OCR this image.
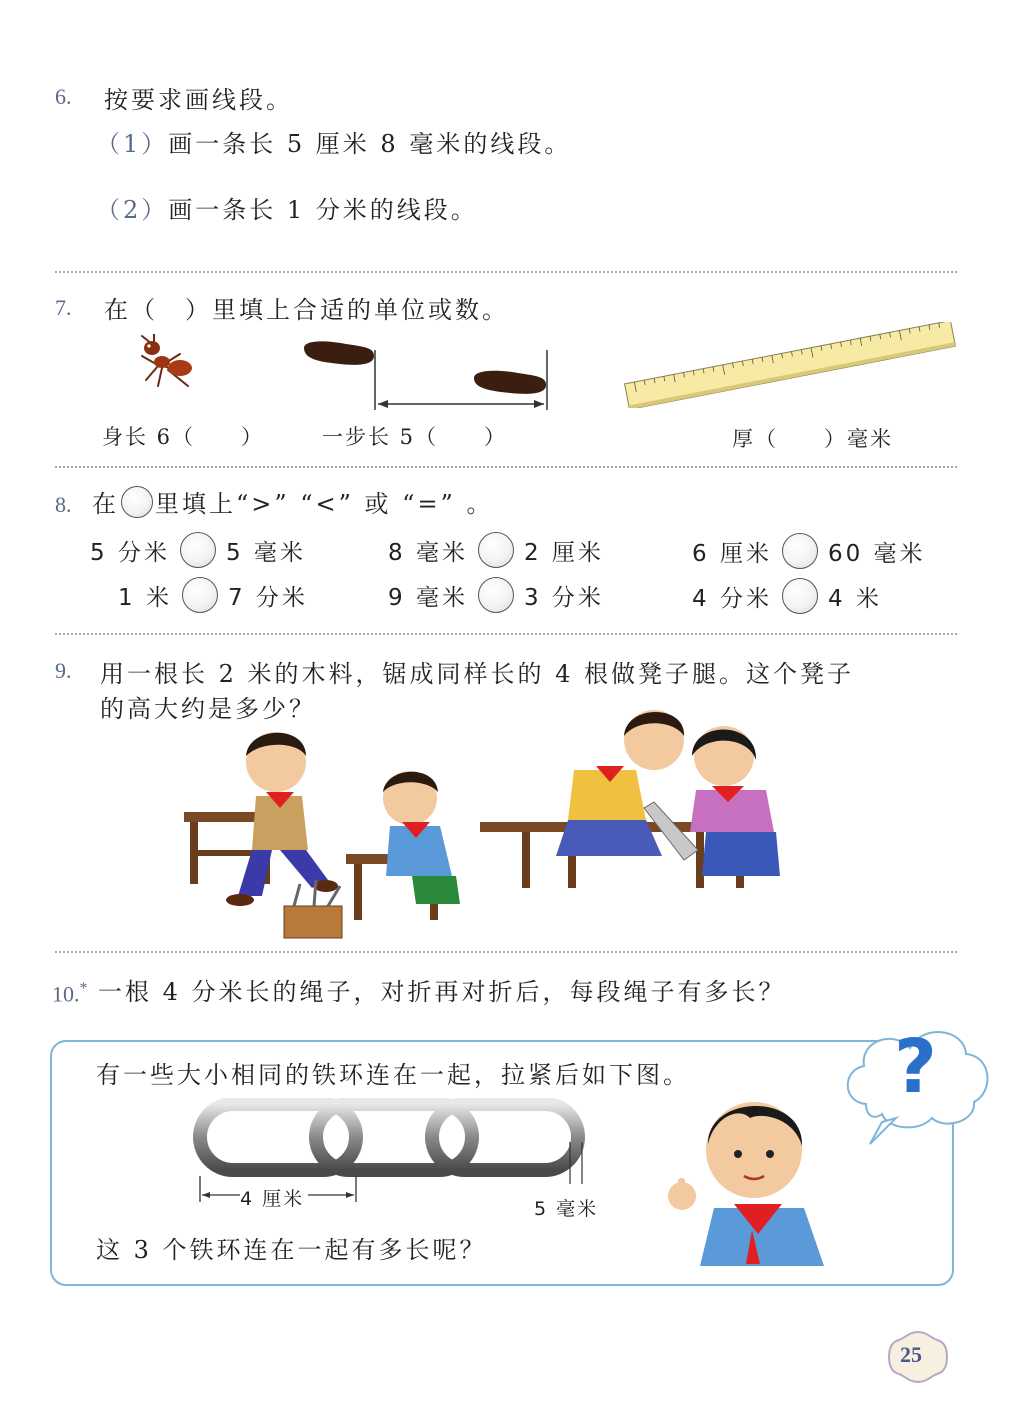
6. 按要求画线段。
（1）画一条长 5 厘米 8 毫米的线段。
（2）画一条长 1 分米的线段。
7. 在（　）里填上合适的单位或数。
身长 6（　　）	一步长 5（　　）	厚（　　）毫米
8. 在 里填上“>” “<” 或 “=” 。
5 分米 5 毫米	8 毫米 2 厘米	6 厘米 60 毫米
1 米 7 分米	9 毫米 3 分米	4 分米 4 米
9. 用一根长 2 米的木料，锯成同样长的 4 根做凳子腿。这个凳子
的高大约是多少？
10.* 一根 4 分米长的绳子，对折再对折后，每段绳子有多长？
有一些大小相同的铁环连在一起，拉紧后如下图。
4 厘米	5 毫米
这 3 个铁环连在一起有多长呢？
?
25
